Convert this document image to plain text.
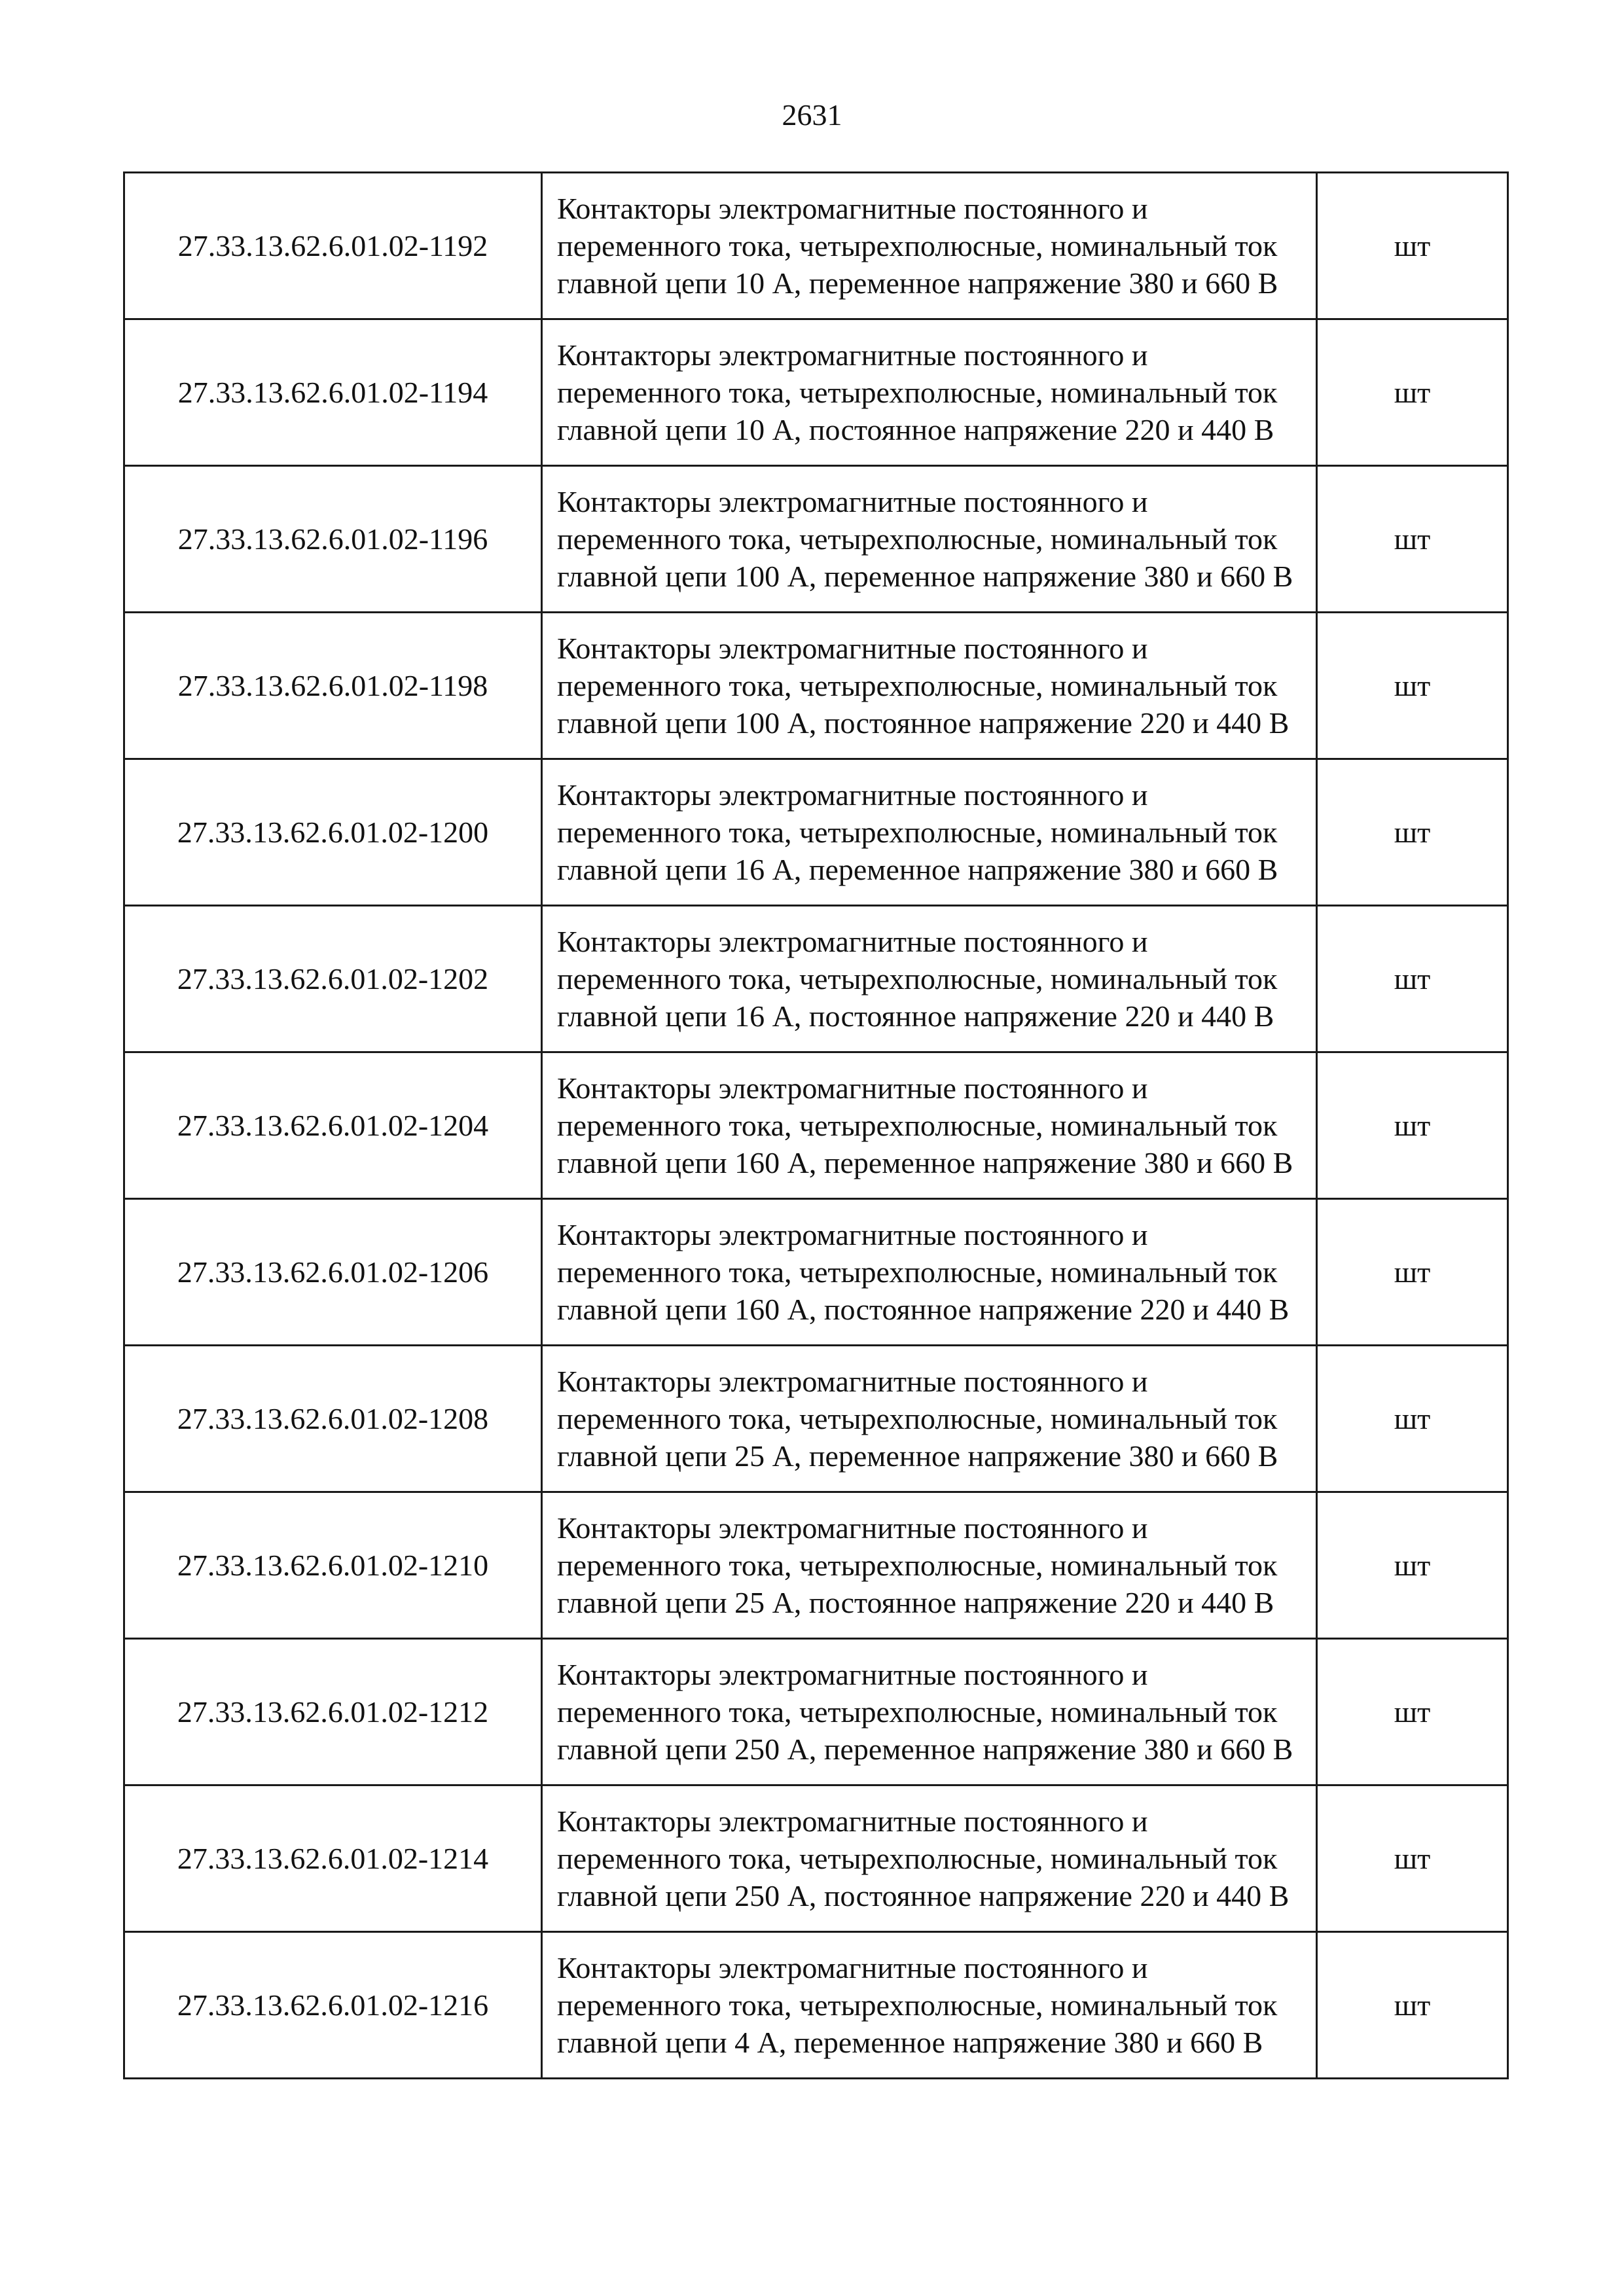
2631
27.33.13.62.6.01.02-1192	Контакторы электромагнитные постоянного и переменного тока, четырехполюсные, номинальный ток главной цепи 10 А, переменное напряжение 380 и 660 В	шт
27.33.13.62.6.01.02-1194	Контакторы электромагнитные постоянного и переменного тока, четырехполюсные, номинальный ток главной цепи 10 А, постоянное напряжение 220 и 440 В	шт
27.33.13.62.6.01.02-1196	Контакторы электромагнитные постоянного и переменного тока, четырехполюсные, номинальный ток главной цепи 100 А, переменное напряжение 380 и 660 В	шт
27.33.13.62.6.01.02-1198	Контакторы электромагнитные постоянного и переменного тока, четырехполюсные, номинальный ток главной цепи 100 А, постоянное напряжение 220 и 440 В	шт
27.33.13.62.6.01.02-1200	Контакторы электромагнитные постоянного и переменного тока, четырехполюсные, номинальный ток главной цепи 16 А, переменное напряжение 380 и 660 В	шт
27.33.13.62.6.01.02-1202	Контакторы электромагнитные постоянного и переменного тока, четырехполюсные, номинальный ток главной цепи 16 А, постоянное напряжение 220 и 440 В	шт
27.33.13.62.6.01.02-1204	Контакторы электромагнитные постоянного и переменного тока, четырехполюсные, номинальный ток главной цепи 160 А, переменное напряжение 380 и 660 В	шт
27.33.13.62.6.01.02-1206	Контакторы электромагнитные постоянного и переменного тока, четырехполюсные, номинальный ток главной цепи 160 А, постоянное напряжение 220 и 440 В	шт
27.33.13.62.6.01.02-1208	Контакторы электромагнитные постоянного и переменного тока, четырехполюсные, номинальный ток главной цепи 25 А, переменное напряжение 380 и 660 В	шт
27.33.13.62.6.01.02-1210	Контакторы электромагнитные постоянного и переменного тока, четырехполюсные, номинальный ток главной цепи 25 А, постоянное напряжение 220 и 440 В	шт
27.33.13.62.6.01.02-1212	Контакторы электромагнитные постоянного и переменного тока, четырехполюсные, номинальный ток главной цепи 250 А, переменное напряжение 380 и 660 В	шт
27.33.13.62.6.01.02-1214	Контакторы электромагнитные постоянного и переменного тока, четырехполюсные, номинальный ток главной цепи 250 А, постоянное напряжение 220 и 440 В	шт
27.33.13.62.6.01.02-1216	Контакторы электромагнитные постоянного и переменного тока, четырехполюсные, номинальный ток главной цепи 4 А, переменное напряжение 380 и 660 В	шт
